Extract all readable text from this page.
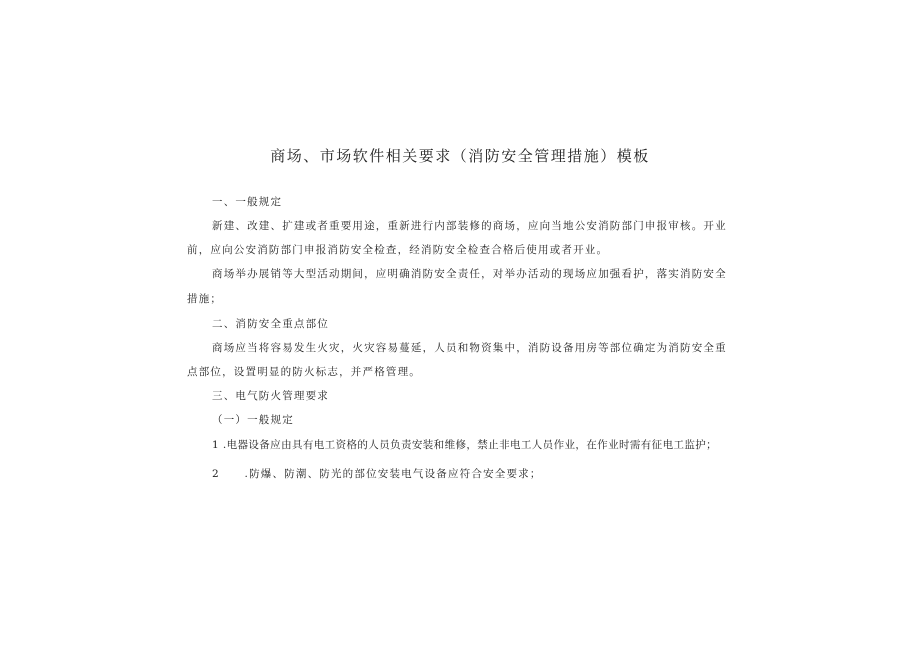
商场、市场软件相关要求（消防安全管理措施）模板
一、一般规定
新建、改建、扩建或者重要用途，重新进行内部装修的商场，应向当地公安消防部门申报审核。开业
前，应向公安消防部门申报消防安全检查，经消防安全检查合格后使用或者开业。
商场举办展销等大型活动期间，应明确消防安全责任，对举办活动的现场应加强看护，落实消防安全
措施；
二、消防安全重点部位
商场应当将容易发生火灾，火灾容易蔓延，人员和物资集中，消防设备用房等部位确定为消防安全重
点部位，设置明显的防火标志，并严格管理。
三、电气防火管理要求
（一）一般规定
1 .电器设备应由具有电工资格的人员负责安装和维修，禁止非电工人员作业，在作业时需有征电工监护；
2 .防爆、防潮、防光的部位安装电气设备应符合安全要求；
